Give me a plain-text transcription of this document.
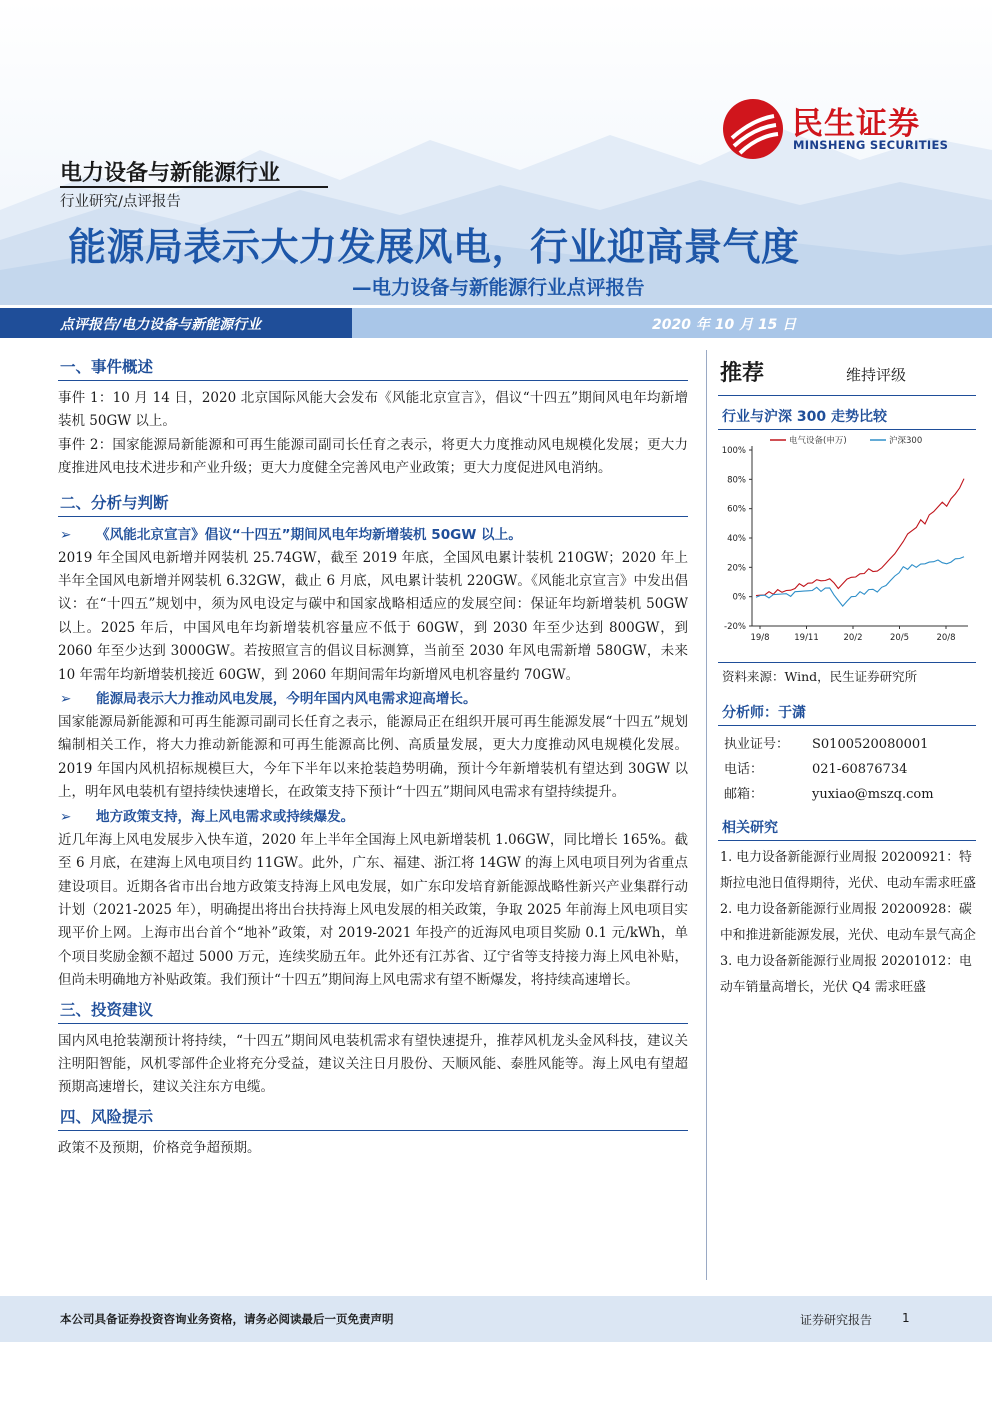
民生证券
MINSHENG SECURITIES
电力设备与新能源行业
行业研究/点评报告
能源局表示大力发展风电，行业迎高景气度
—电力设备与新能源行业点评报告
点评报告/电力设备与新能源行业	2020 年 10 月 15 日
一、事件概述
事件 1：10 月 14 日，2020 北京国际风能大会发布《风能北京宣言》，倡议“十四五”期间风电年均新增装机 50GW 以上。
事件 2：国家能源局新能源和可再生能源司副司长任育之表示，将更大力度推动风电规模化发展；更大力度推进风电技术进步和产业升级；更大力度健全完善风电产业政策；更大力度促进风电消纳。
二、分析与判断
➢ 《风能北京宣言》倡议“十四五”期间风电年均新增装机 50GW 以上。
2019 年全国风电新增并网装机 25.74GW，截至 2019 年底，全国风电累计装机 210GW；2020 年上半年全国风电新增并网装机 6.32GW，截止 6 月底，风电累计装机 220GW。《风能北京宣言》中发出倡议：在“十四五”规划中，须为风电设定与碳中和国家战略相适应的发展空间：保证年均新增装机 50GW 以上。2025 年后，中国风电年均新增装机容量应不低于 60GW，到 2030 年至少达到 800GW，到 2060 年至少达到 3000GW。若按照宣言的倡议目标测算，当前至 2030 年风电需新增 580GW，未来 10 年需年均新增装机接近 60GW，到 2060 年期间需年均新增风电机容量约 70GW。
➢ 能源局表示大力推动风电发展，今明年国内风电需求迎高增长。
国家能源局新能源和可再生能源司副司长任育之表示，能源局正在组织开展可再生能源发展“十四五”规划编制相关工作，将大力推动新能源和可再生能源高比例、高质量发展，更大力度推动风电规模化发展。2019 年国内风机招标规模巨大，今年下半年以来抢装趋势明确，预计今年新增装机有望达到 30GW 以上，明年风电装机有望持续快速增长，在政策支持下预计“十四五”期间风电需求有望持续提升。
➢ 地方政策支持，海上风电需求或持续爆发。
近几年海上风电发展步入快车道，2020 年上半年全国海上风电新增装机 1.06GW，同比增长 165%。截至 6 月底，在建海上风电项目约 11GW。此外，广东、福建、浙江将 14GW 的海上风电项目列为省重点建设项目。近期各省市出台地方政策支持海上风电发展，如广东印发培育新能源战略性新兴产业集群行动计划（2021-2025 年），明确提出将出台扶持海上风电发展的相关政策，争取 2025 年前海上风电项目实现平价上网。上海市出台首个“地补”政策，对 2019-2021 年投产的近海风电项目奖励 0.1 元/kWh，单个项目奖励金额不超过 5000 万元，连续奖励五年。此外还有江苏省、辽宁省等支持接力海上风电补贴，但尚未明确地方补贴政策。我们预计“十四五”期间海上风电需求有望不断爆发，将持续高速增长。
三、投资建议
国内风电抢装潮预计将持续，“十四五”期间风电装机需求有望快速提升，推荐风机龙头金风科技，建议关注明阳智能，风机零部件企业将充分受益，建议关注日月股份、天顺风能、泰胜风能等。海上风电有望超预期高速增长，建议关注东方电缆。
四、风险提示
政策不及预期，价格竞争超预期。
推荐	维持评级
行业与沪深 300 走势比较
100%
80%
60%
40%
20%
0%
-20%
19/8	19/11	20/2	20/5	20/8
电气设备(申万)	沪深300
资料来源：Wind，民生证券研究所
分析师：于潇
执业证号： S0100520080001
电话：	021-60876734
邮箱：	yuxiao@mszq.com
相关研究
1. 电力设备新能源行业周报 20200921：特斯拉电池日值得期待，光伏、电动车需求旺盛
2. 电力设备新能源行业周报 20200928：碳中和推进新能源发展，光伏、电动车景气高企
3. 电力设备新能源行业周报 20201012：电动车销量高增长，光伏 Q4 需求旺盛
本公司具备证券投资咨询业务资格，请务必阅读最后一页免责声明	证券研究报告 1
